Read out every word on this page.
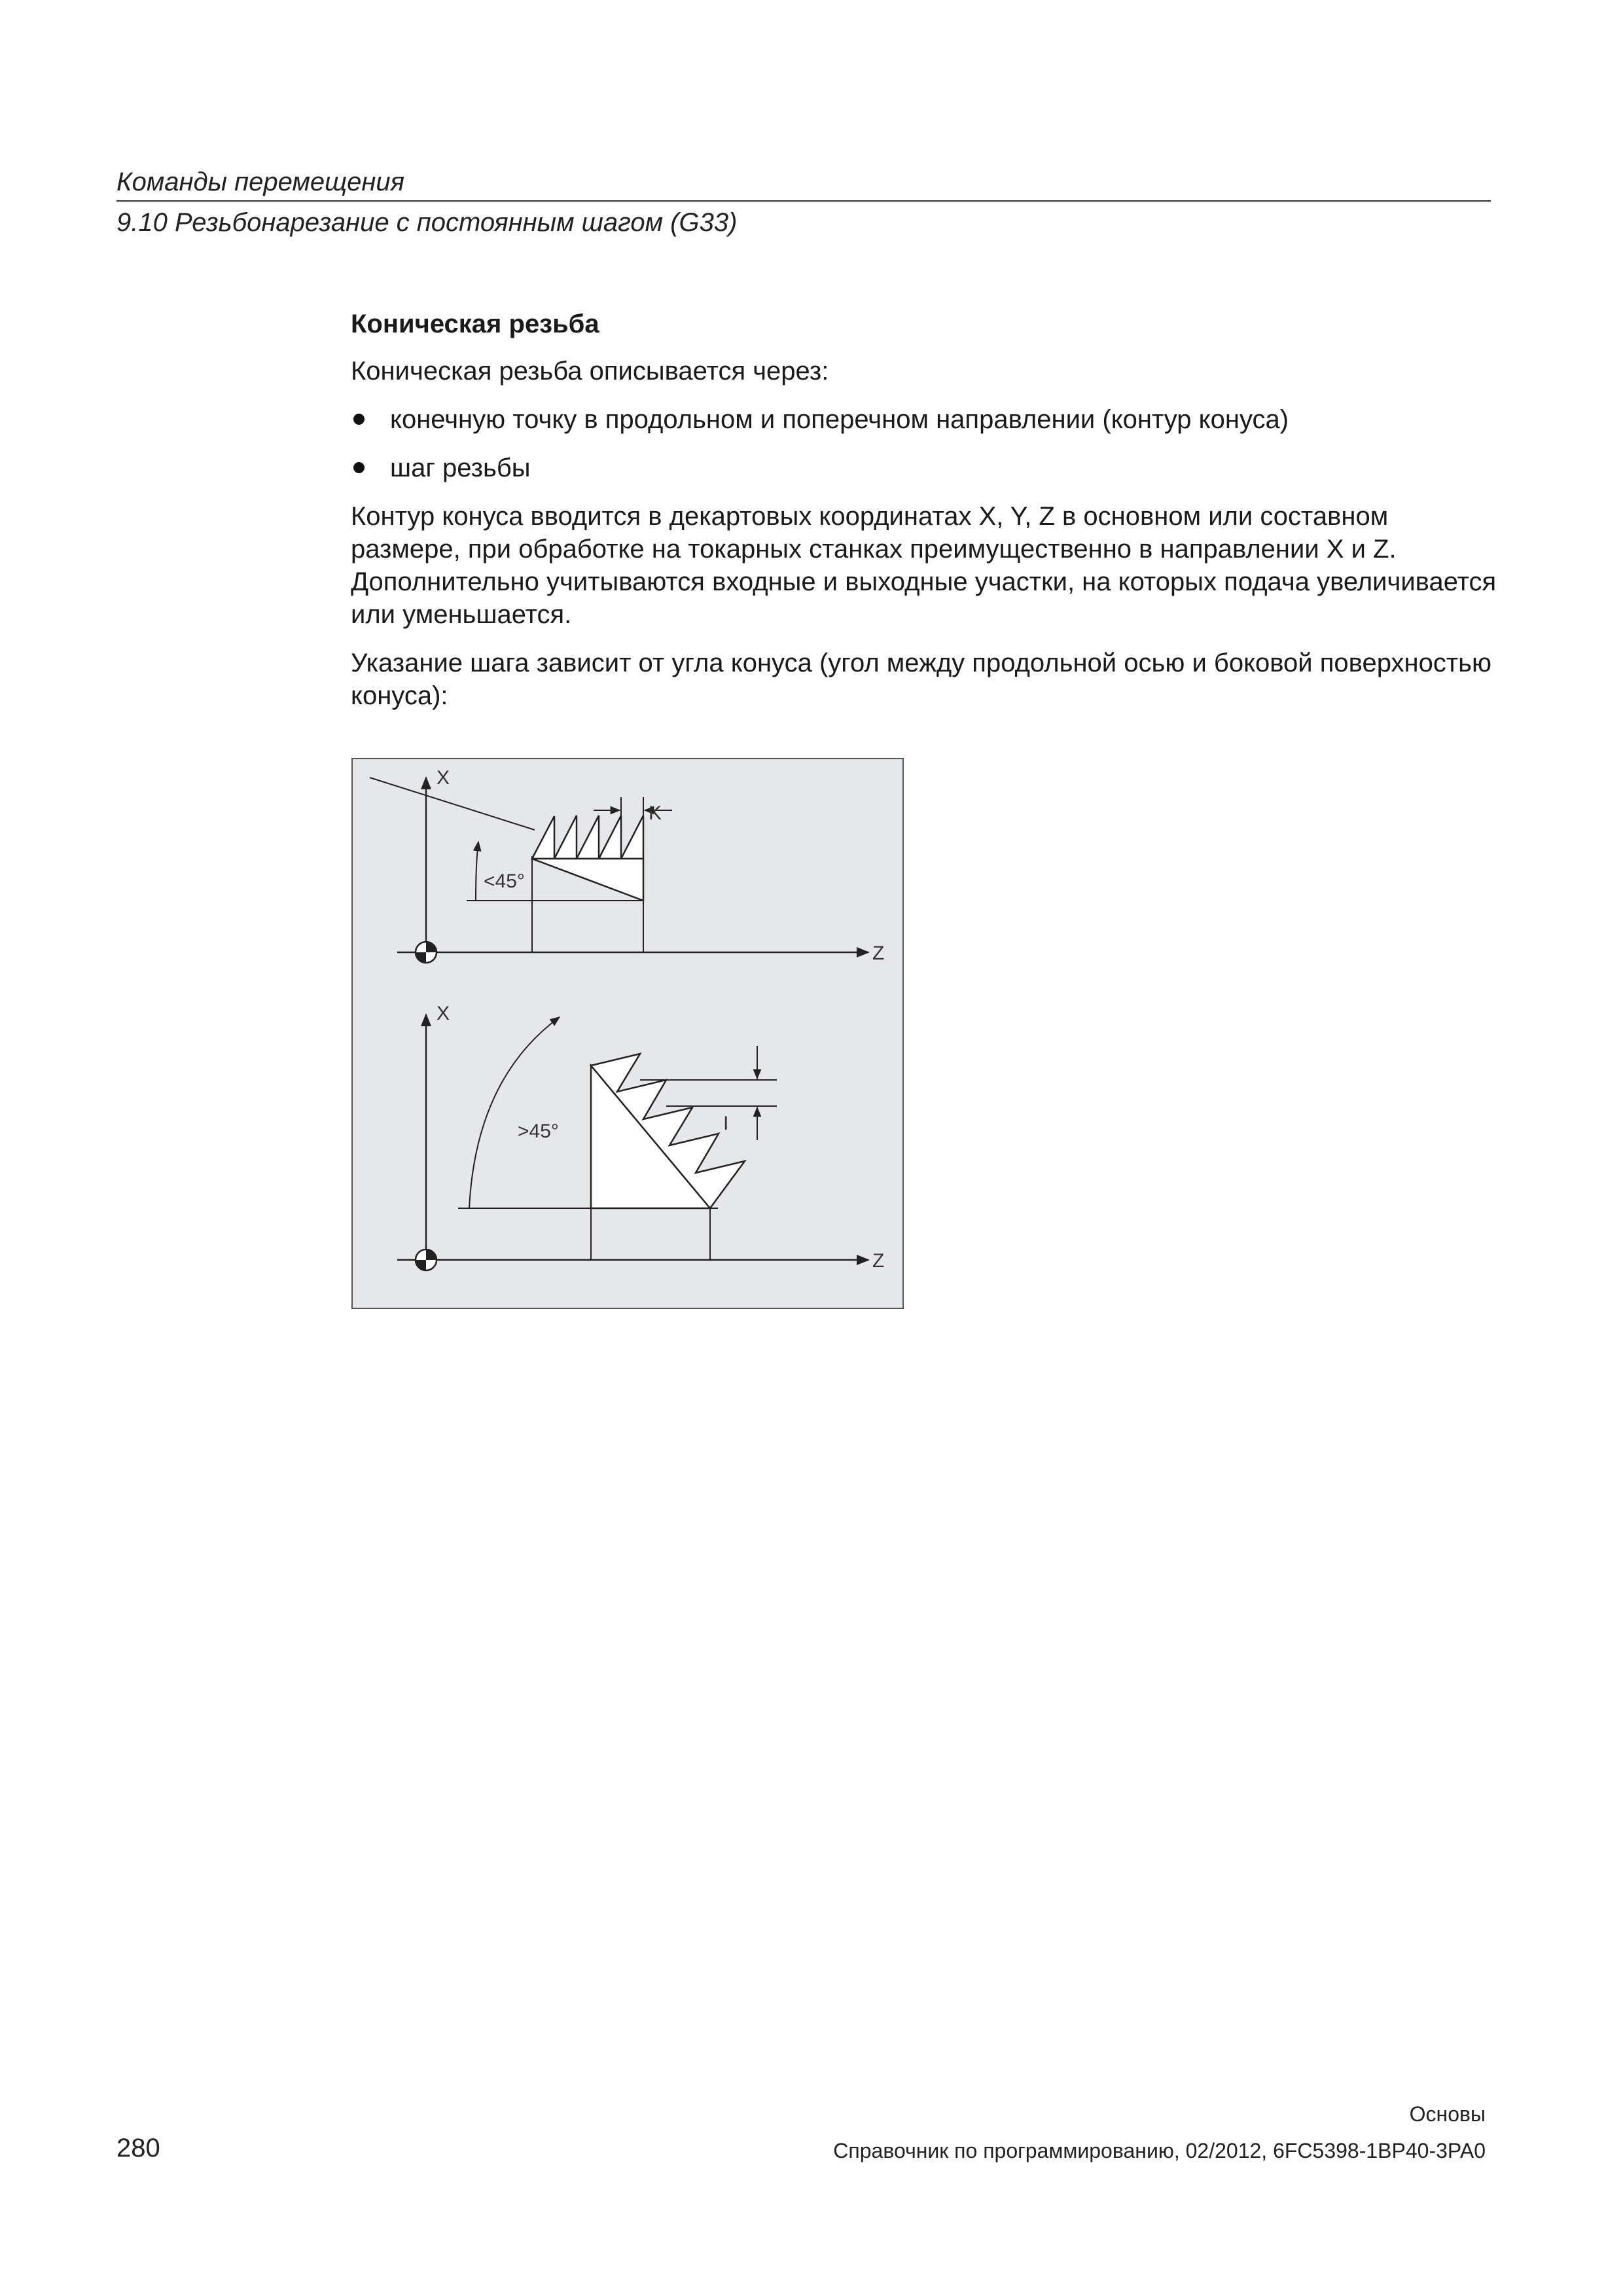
Команды перемещения
9.10 Резьбонарезание с постоянным шагом (G33)
Коническая резьба

Коническая резьба описывается через:

конечную точку в продольном и поперечном направлении (контур конуса)
шаг резьбы

Контур конуса вводится в декартовых координатах X, Y, Z в основном или составном размере, при обработке на токарных станках преимущественно в направлении X и Z. Дополнительно учитываются входные и выходные участки, на которых подача увеличивается или уменьшается.

Указание шага зависит от угла конуса (угол между продольной осью и боковой поверхностью конуса):

X
Z
K
<45°
X
Z
I
>45°
Основы
280	Справочник по программированию, 02/2012, 6FC5398-1BP40-3PA0
